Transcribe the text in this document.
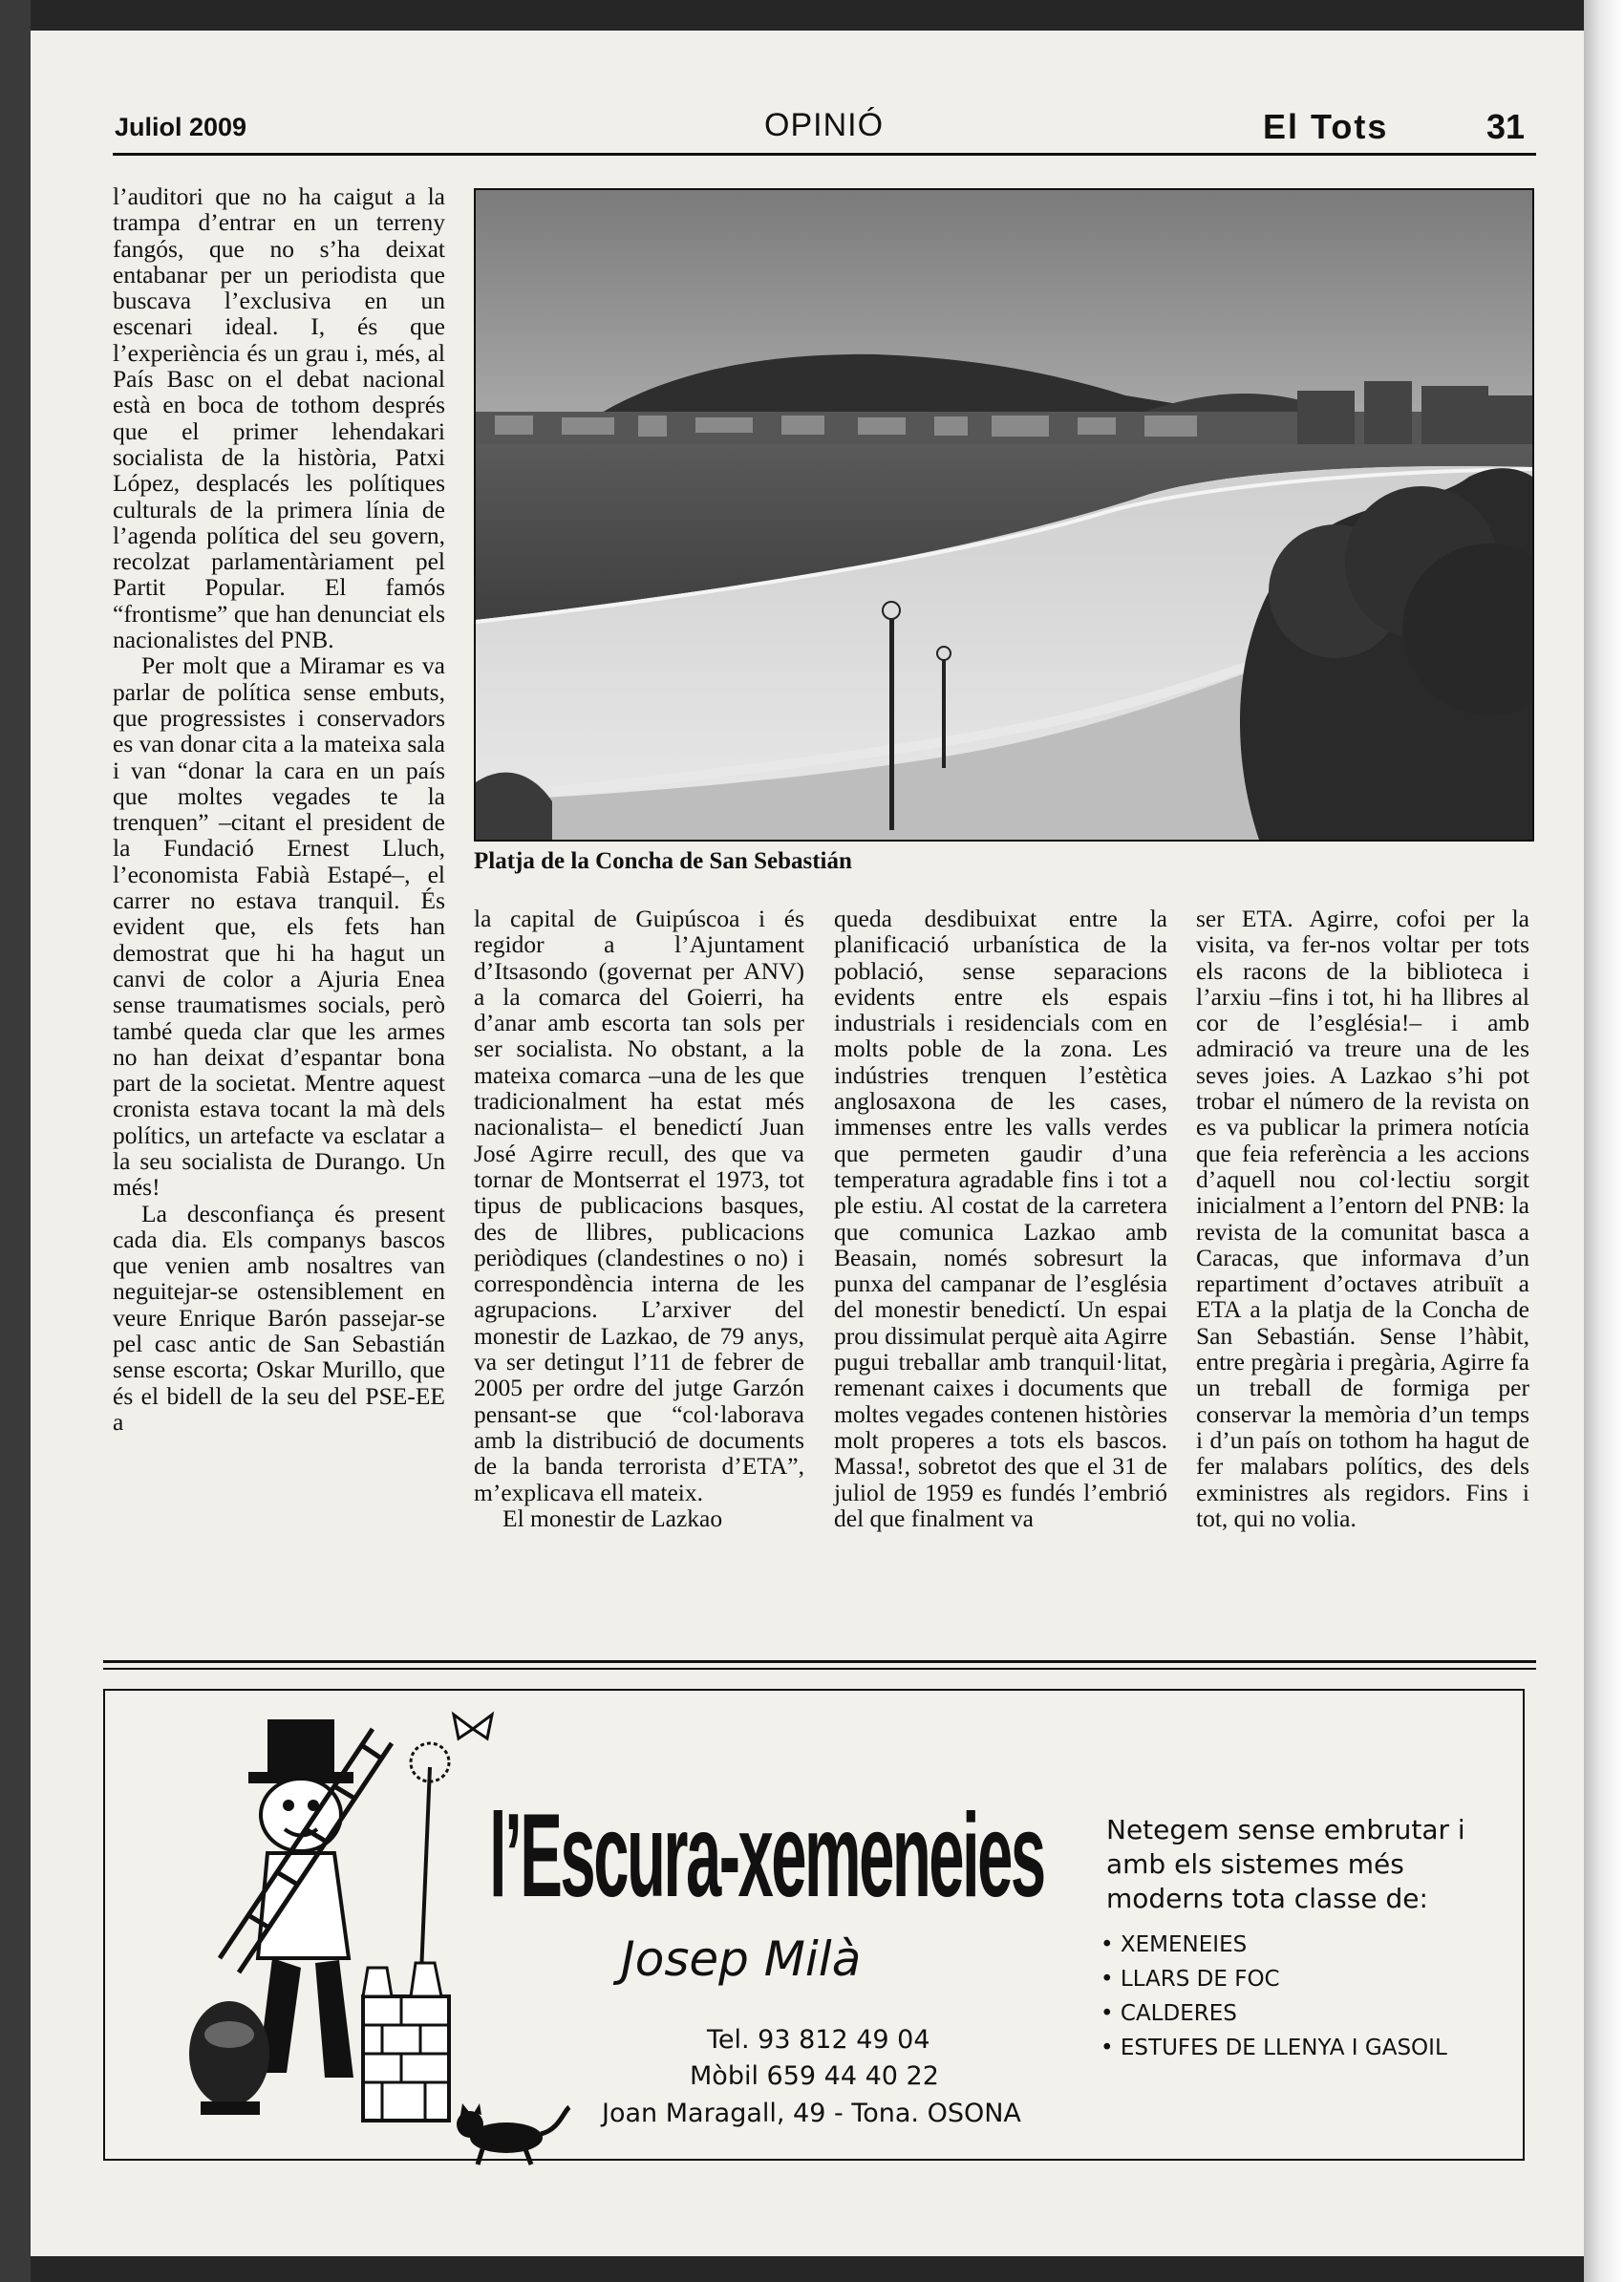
Juliol 2009	OPINIÓ	El Tots	31

l’auditori que no ha caigut a la trampa d’entrar en un terreny fangós, que no s’ha deixat entabanar per un periodista que buscava l’exclusiva en un escenari ideal. I, és que l’experiència és un grau i, més, al País Basc on el debat nacional està en boca de tothom després que el primer lehendakari socialista de la història, Patxi López, desplacés les polítiques culturals de la primera línia de l’agenda política del seu govern, recolzat parlamentàriament pel Partit Popular. El famós “frontisme” que han denunciat els nacionalistes del PNB.

Per molt que a Miramar es va parlar de política sense embuts, que progressistes i conservadors es van donar cita a la mateixa sala i van “donar la cara en un país que moltes vegades te la trenquen” –citant el president de la Fundació Ernest Lluch, l’economista Fabià Estapé–, el carrer no estava tranquil. És evident que, els fets han demostrat que hi ha hagut un canvi de color a Ajuria Enea sense traumatismes socials, però també queda clar que les armes no han deixat d’espantar bona part de la societat. Mentre aquest cronista estava tocant la mà dels polítics, un artefacte va esclatar a la seu socialista de Durango. Un més!

La desconfiança és present cada dia. Els companys bascos que venien amb nosaltres van neguitejar-se ostensiblement en veure Enrique Barón passejar-se pel casc antic de San Sebastián sense escorta; Oskar Murillo, que és el bidell de la seu del PSE-EE a

Platja de la Concha de San Sebastián

la capital de Guipúscoa i és regidor a l’Ajuntament d’Itsasondo (governat per ANV) a la comarca del Goierri, ha d’anar amb escorta tan sols per ser socialista. No obstant, a la mateixa comarca –una de les que tradicionalment ha estat més nacionalista– el benedictí Juan José Agirre recull, des que va tornar de Montserrat el 1973, tot tipus de publicacions basques, des de llibres, publicacions periòdiques (clandestines o no) i correspondència interna de les agrupacions. L’arxiver del monestir de Lazkao, de 79 anys, va ser detingut l’11 de febrer de 2005 per ordre del jutge Garzón pensant-se que “col·laborava amb la distribució de documents de la banda terrorista d’ETA”, m’explicava ell mateix.

El monestir de Lazkao

queda desdibuixat entre la planificació urbanística de la població, sense separacions evidents entre els espais industrials i residencials com en molts poble de la zona. Les indústries trenquen l’estètica anglosaxona de les cases, immenses entre les valls verdes que permeten gaudir d’una temperatura agradable fins i tot a ple estiu. Al costat de la carretera que comunica Lazkao amb Beasain, només sobresurt la punxa del campanar de l’església del monestir benedictí. Un espai prou dissimulat perquè aita Agirre pugui treballar amb tranquil·litat, remenant caixes i documents que moltes vegades contenen històries molt properes a tots els bascos. Massa!, sobretot des que el 31 de juliol de 1959 es fundés l’embrió del que finalment va

ser ETA. Agirre, cofoi per la visita, va fer-nos voltar per tots els racons de la biblioteca i l’arxiu –fins i tot, hi ha llibres al cor de l’església!– i amb admiració va treure una de les seves joies. A Lazkao s’hi pot trobar el número de la revista on es va publicar la primera notícia que feia referència a les accions d’aquell nou col·lectiu sorgit inicialment a l’entorn del PNB: la revista de la comunitat basca a Caracas, que informava d’un repartiment d’octaves atribuït a ETA a la platja de la Concha de San Sebastián. Sense l’hàbit, entre pregària i pregària, Agirre fa un treball de formiga per conservar la memòria d’un temps i d’un país on tothom ha hagut de fer malabars polítics, des dels exministres als regidors. Fins i tot, qui no volia.

l’Escura-xemeneies
Josep Milà
Tel. 93 812 49 04
Mòbil 659 44 40 22
Joan Maragall, 49 - Tona. OSONA
Netegem sense embrutar i amb els sistemes més moderns tota classe de:
• XEMENEIES
• LLARS DE FOC
• CALDERES
• ESTUFES DE LLENYA I GASOIL
